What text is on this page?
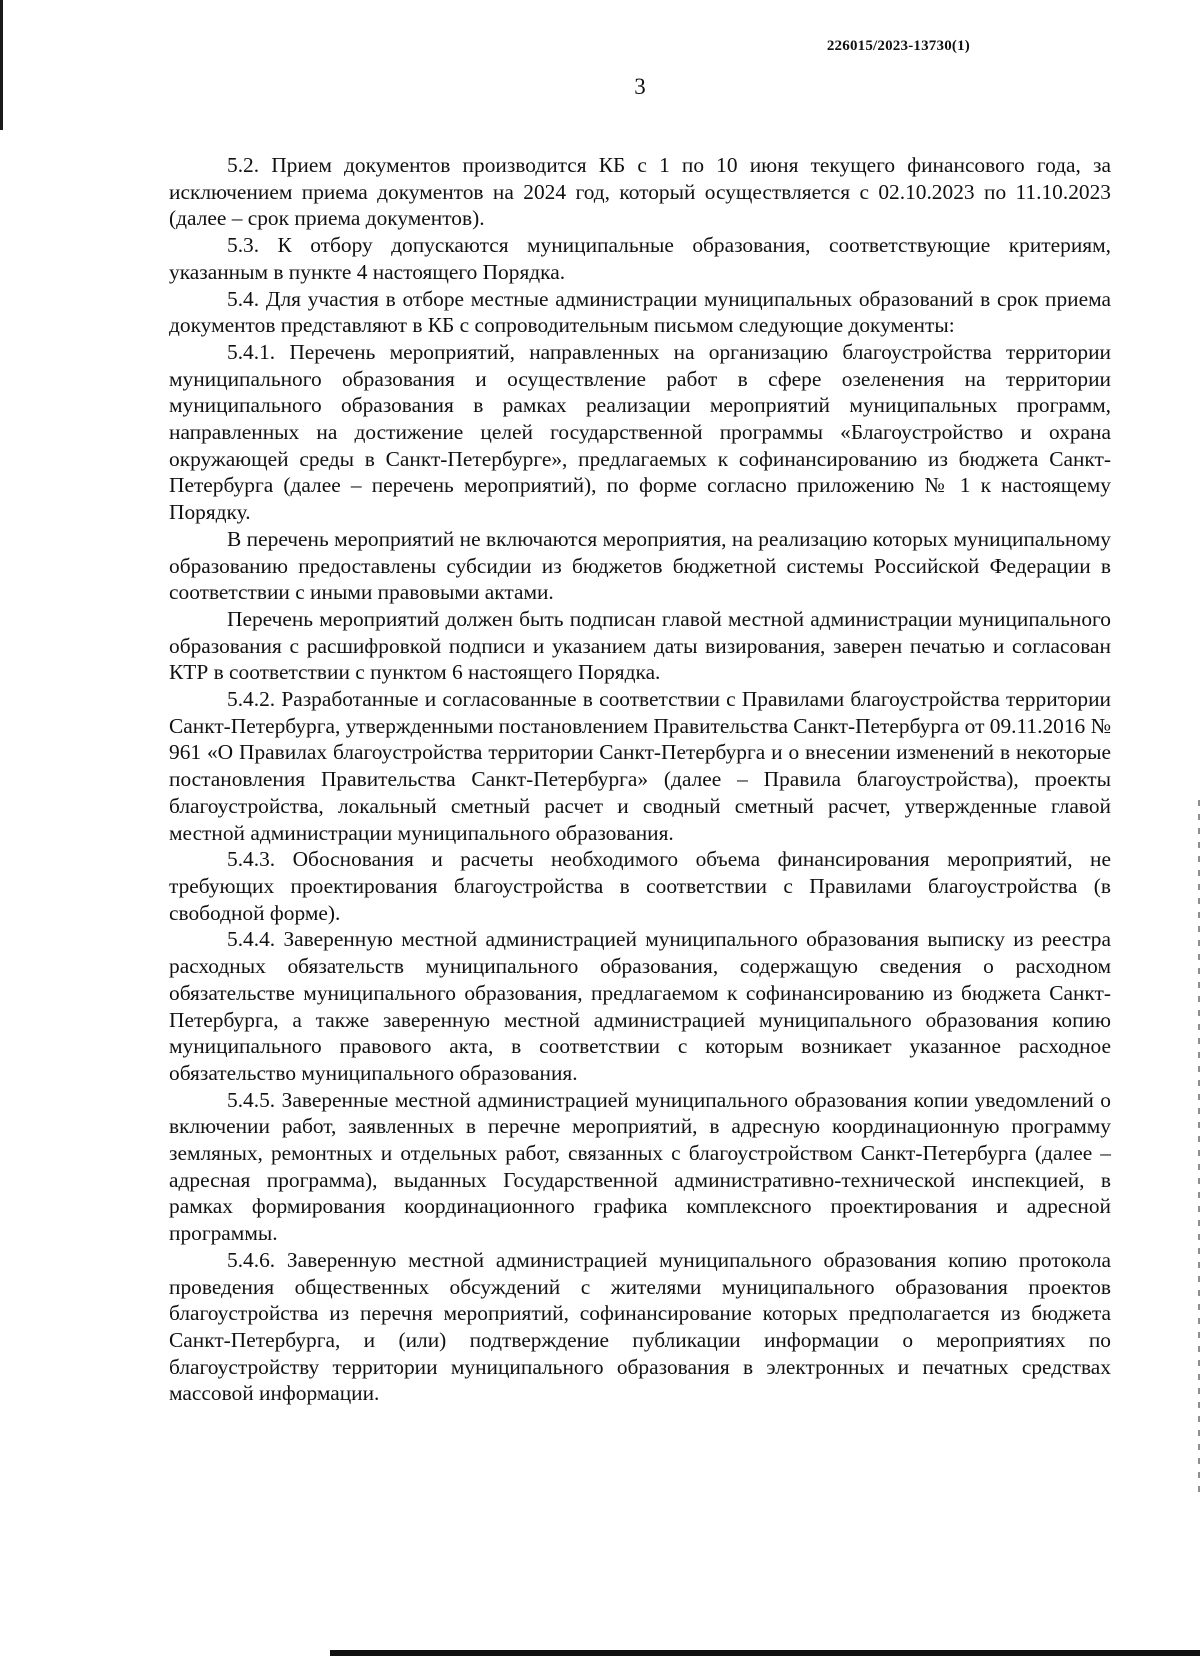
226015/2023-13730(1)
3

5.2. Прием документов производится КБ с 1 по 10 июня текущего финансового года, за исключением приема документов на 2024 год, который осуществляется с 02.10.2023 по 11.10.2023 (далее – срок приема документов).

5.3. К отбору допускаются муниципальные образования, соответствующие критериям, указанным в пункте 4 настоящего Порядка.

5.4. Для участия в отборе местные администрации муниципальных образований в срок приема документов представляют в КБ с сопроводительным письмом следующие документы:

5.4.1. Перечень мероприятий, направленных на организацию благоустройства территории муниципального образования и осуществление работ в сфере озеленения на территории муниципального образования в рамках реализации мероприятий муниципальных программ, направленных на достижение целей государственной программы «Благоустройство и охрана окружающей среды в Санкт-Петербурге», предлагаемых к софинансированию из бюджета Санкт-Петербурга (далее – перечень мероприятий), по форме согласно приложению № 1 к настоящему Порядку.

В перечень мероприятий не включаются мероприятия, на реализацию которых муниципальному образованию предоставлены субсидии из бюджетов бюджетной системы Российской Федерации в соответствии с иными правовыми актами.

Перечень мероприятий должен быть подписан главой местной администрации муниципального образования с расшифровкой подписи и указанием даты визирования, заверен печатью и согласован КТР в соответствии с пунктом 6 настоящего Порядка.

5.4.2. Разработанные и согласованные в соответствии с Правилами благоустройства территории Санкт-Петербурга, утвержденными постановлением Правительства Санкт-Петербурга от 09.11.2016 № 961 «О Правилах благоустройства территории Санкт-Петербурга и о внесении изменений в некоторые постановления Правительства Санкт-Петербурга» (далее – Правила благоустройства), проекты благоустройства, локальный сметный расчет и сводный сметный расчет, утвержденные главой местной администрации муниципального образования.

5.4.3. Обоснования и расчеты необходимого объема финансирования мероприятий, не требующих проектирования благоустройства в соответствии с Правилами благоустройства (в свободной форме).

5.4.4. Заверенную местной администрацией муниципального образования выписку из реестра расходных обязательств муниципального образования, содержащую сведения о расходном обязательстве муниципального образования, предлагаемом к софинансированию из бюджета Санкт-Петербурга, а также заверенную местной администрацией муниципального образования копию муниципального правового акта, в соответствии с которым возникает указанное расходное обязательство муниципального образования.

5.4.5. Заверенные местной администрацией муниципального образования копии уведомлений о включении работ, заявленных в перечне мероприятий, в адресную координационную программу земляных, ремонтных и отдельных работ, связанных с благоустройством Санкт-Петербурга (далее – адресная программа), выданных Государственной административно-технической инспекцией, в рамках формирования координационного графика комплексного проектирования и адресной программы.

5.4.6. Заверенную местной администрацией муниципального образования копию протокола проведения общественных обсуждений с жителями муниципального образования проектов благоустройства из перечня мероприятий, софинансирование которых предполагается из бюджета Санкт-Петербурга, и (или) подтверждение публикации информации о мероприятиях по благоустройству территории муниципального образования в электронных и печатных средствах массовой информации.
